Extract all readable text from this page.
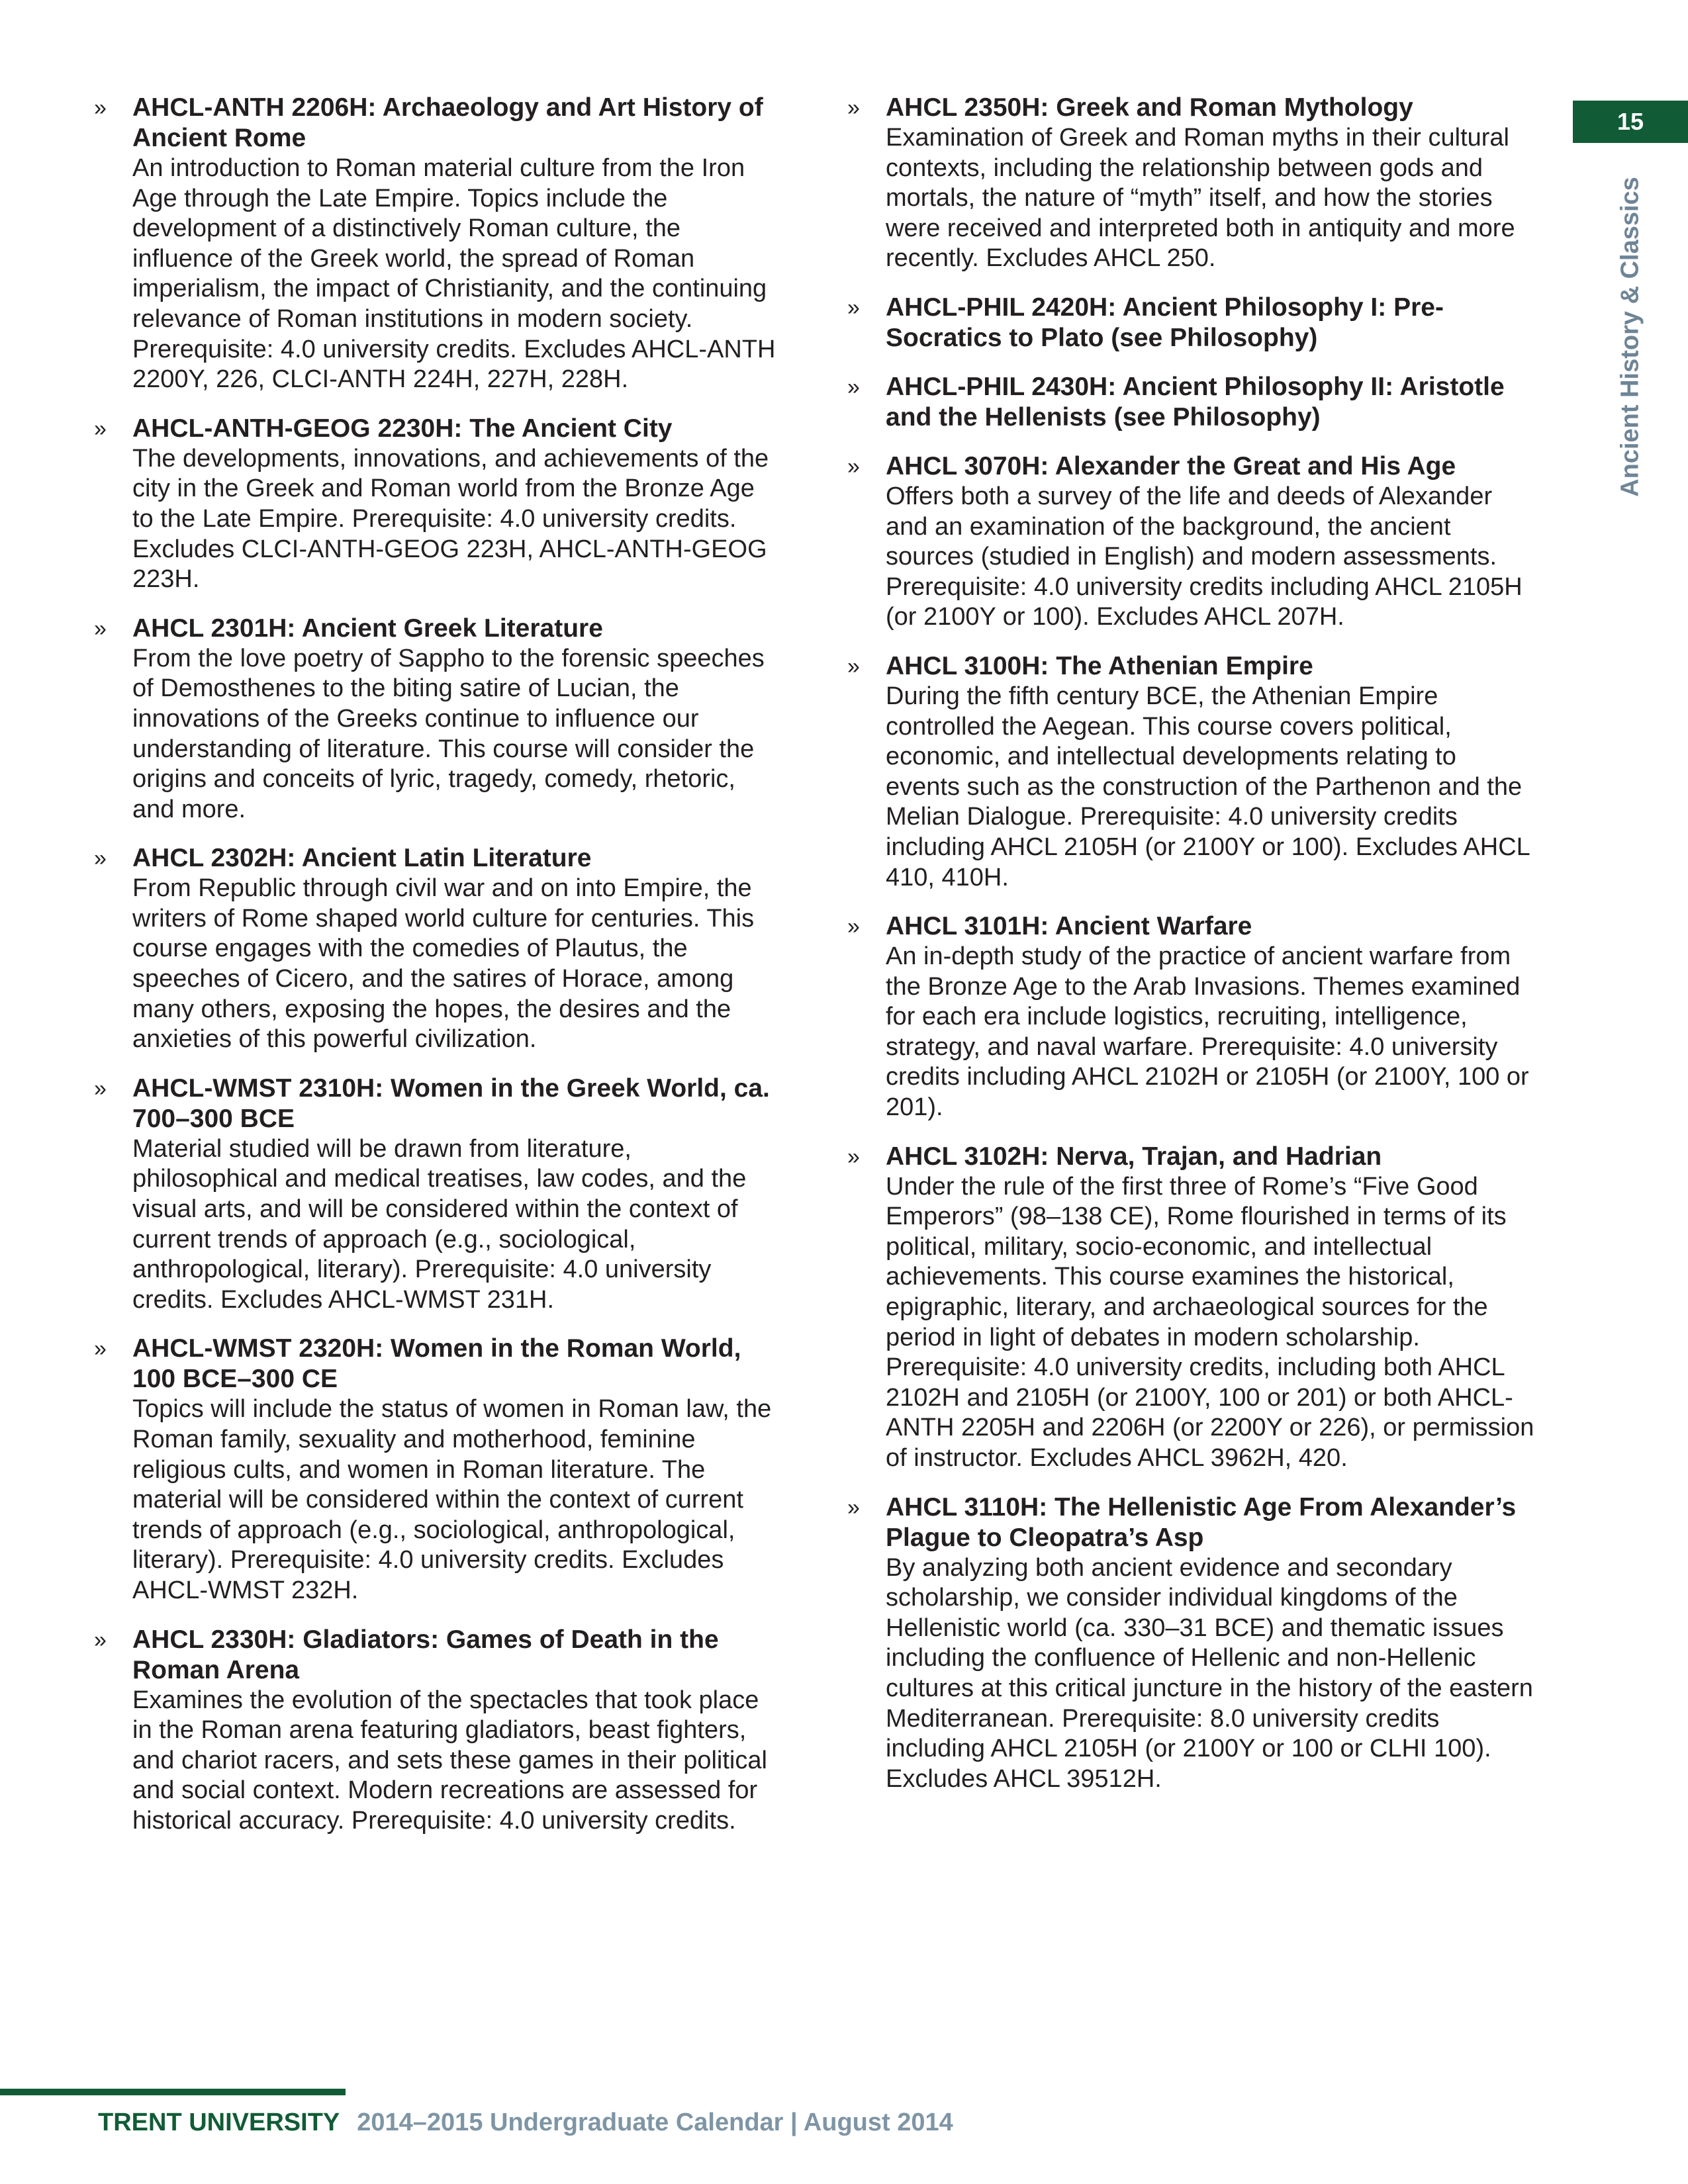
» AHCL-ANTH 2206H: Archaeology and Art History of Ancient Rome

An introduction to Roman material culture from the Iron Age through the Late Empire. Topics include the development of a distinctively Roman culture, the influence of the Greek world, the spread of Roman imperialism, the impact of Christianity, and the continuing relevance of Roman institutions in modern society. Prerequisite: 4.0 university credits. Excludes AHCL-ANTH 2200Y, 226, CLCI-ANTH 224H, 227H, 228H.

» AHCL-ANTH-GEOG 2230H: The Ancient City

The developments, innovations, and achievements of the city in the Greek and Roman world from the Bronze Age to the Late Empire. Prerequisite: 4.0 university credits. Excludes CLCI-ANTH-GEOG 223H, AHCL-ANTH-GEOG 223H.

» AHCL 2301H: Ancient Greek Literature

From the love poetry of Sappho to the forensic speeches of Demosthenes to the biting satire of Lucian, the innovations of the Greeks continue to influence our understanding of literature. This course will consider the origins and conceits of lyric, tragedy, comedy, rhetoric, and more.

» AHCL 2302H: Ancient Latin Literature

From Republic through civil war and on into Empire, the writers of Rome shaped world culture for centuries. This course engages with the comedies of Plautus, the speeches of Cicero, and the satires of Horace, among many others, exposing the hopes, the desires and the anxieties of this powerful civilization.

» AHCL-WMST 2310H: Women in the Greek World, ca. 700–300 BCE

Material studied will be drawn from literature, philosophical and medical treatises, law codes, and the visual arts, and will be considered within the context of current trends of approach (e.g., sociological, anthropological, literary). Prerequisite: 4.0 university credits. Excludes AHCL-WMST 231H.

» AHCL-WMST 2320H: Women in the Roman World, 100 BCE–300 CE

Topics will include the status of women in Roman law, the Roman family, sexuality and motherhood, feminine religious cults, and women in Roman literature. The material will be considered within the context of current trends of approach (e.g., sociological, anthropological, literary). Prerequisite: 4.0 university credits. Excludes AHCL-WMST 232H.

» AHCL 2330H: Gladiators: Games of Death in the Roman Arena

Examines the evolution of the spectacles that took place in the Roman arena featuring gladiators, beast fighters, and chariot racers, and sets these games in their political and social context. Modern recreations are assessed for historical accuracy. Prerequisite: 4.0 university credits.

» AHCL 2350H: Greek and Roman Mythology

Examination of Greek and Roman myths in their cultural contexts, including the relationship between gods and mortals, the nature of “myth” itself, and how the stories were received and interpreted both in antiquity and more recently. Excludes AHCL 250.

» AHCL-PHIL 2420H: Ancient Philosophy I: Pre-Socratics to Plato (see Philosophy)

» AHCL-PHIL 2430H: Ancient Philosophy II: Aristotle and the Hellenists (see Philosophy)

» AHCL 3070H: Alexander the Great and His Age

Offers both a survey of the life and deeds of Alexander and an examination of the background, the ancient sources (studied in English) and modern assessments. Prerequisite: 4.0 university credits including AHCL 2105H (or 2100Y or 100). Excludes AHCL 207H.

» AHCL 3100H: The Athenian Empire

During the fifth century BCE, the Athenian Empire controlled the Aegean. This course covers political, economic, and intellectual developments relating to events such as the construction of the Parthenon and the Melian Dialogue. Prerequisite: 4.0 university credits including AHCL 2105H (or 2100Y or 100). Excludes AHCL 410, 410H.

» AHCL 3101H: Ancient Warfare

An in-depth study of the practice of ancient warfare from the Bronze Age to the Arab Invasions. Themes examined for each era include logistics, recruiting, intelligence, strategy, and naval warfare. Prerequisite: 4.0 university credits including AHCL 2102H or 2105H (or 2100Y, 100 or 201).

» AHCL 3102H: Nerva, Trajan, and Hadrian

Under the rule of the first three of Rome’s “Five Good Emperors” (98–138 CE), Rome flourished in terms of its political, military, socio-economic, and intellectual achievements. This course examines the historical, epigraphic, literary, and archaeological sources for the period in light of debates in modern scholarship. Prerequisite: 4.0 university credits, including both AHCL 2102H and 2105H (or 2100Y, 100 or 201) or both AHCL-ANTH 2205H and 2206H (or 2200Y or 226), or permission of instructor. Excludes AHCL 3962H, 420.

» AHCL 3110H: The Hellenistic Age From Alexander’s Plague to Cleopatra’s Asp

By analyzing both ancient evidence and secondary scholarship, we consider individual kingdoms of the Hellenistic world (ca. 330–31 BCE) and thematic issues including the confluence of Hellenic and non-Hellenic cultures at this critical juncture in the history of the eastern Mediterranean. Prerequisite: 8.0 university credits including AHCL 2105H (or 2100Y or 100 or CLHI 100). Excludes AHCL 39512H.

15
Ancient History & Classics
TRENT UNIVERSITY 2014–2015 Undergraduate Calendar | August 2014
